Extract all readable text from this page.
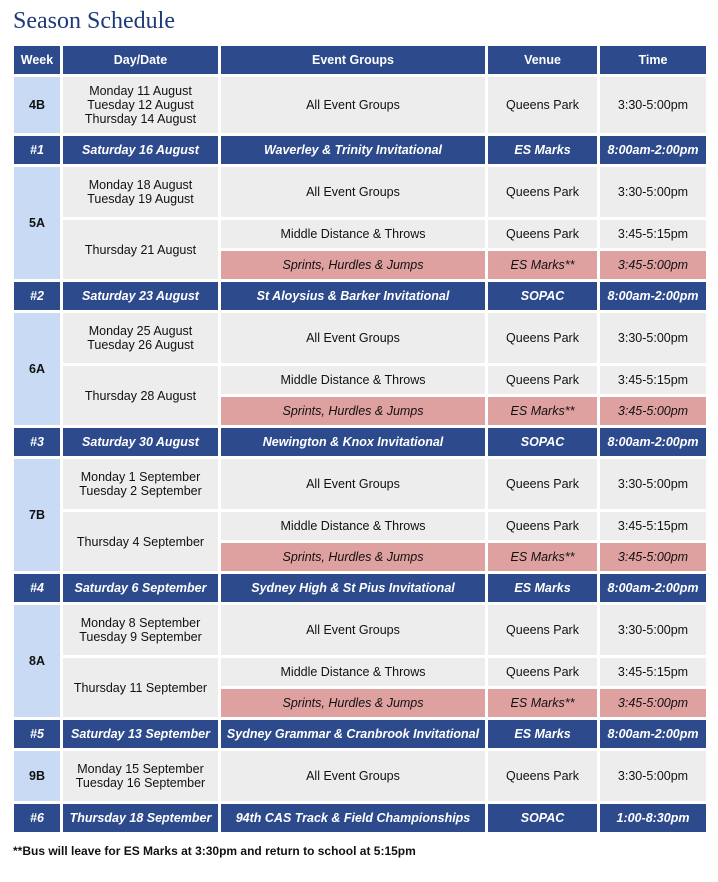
Season Schedule
Week	Day/Date	Event Groups	Venue	Time
4B	Monday 11 August
Tuesday 12 August
Thursday 14 August	All Event Groups	Queens Park	3:30-5:00pm
#1	Saturday 16 August	Waverley & Trinity Invitational	ES Marks	8:00am-2:00pm
5A	Monday 18 August
Tuesday 19 August	All Event Groups	Queens Park	3:30-5:00pm
	Thursday 21 August	Middle Distance & Throws	Queens Park	3:45-5:15pm
		Sprints, Hurdles & Jumps	ES Marks**	3:45-5:00pm
#2	Saturday 23 August	St Aloysius & Barker Invitational	SOPAC	8:00am-2:00pm
6A	Monday 25 August
Tuesday 26 August	All Event Groups	Queens Park	3:30-5:00pm
	Thursday 28 August	Middle Distance & Throws	Queens Park	3:45-5:15pm
		Sprints, Hurdles & Jumps	ES Marks**	3:45-5:00pm
#3	Saturday 30 August	Newington & Knox Invitational	SOPAC	8:00am-2:00pm
7B	Monday 1 September
Tuesday 2 September	All Event Groups	Queens Park	3:30-5:00pm
	Thursday 4 September	Middle Distance & Throws	Queens Park	3:45-5:15pm
		Sprints, Hurdles & Jumps	ES Marks**	3:45-5:00pm
#4	Saturday 6 September	Sydney High & St Pius Invitational	ES Marks	8:00am-2:00pm
8A	Monday 8 September
Tuesday 9 September	All Event Groups	Queens Park	3:30-5:00pm
	Thursday 11 September	Middle Distance & Throws	Queens Park	3:45-5:15pm
		Sprints, Hurdles & Jumps	ES Marks**	3:45-5:00pm
#5	Saturday 13 September	Sydney Grammar & Cranbrook Invitational	ES Marks	8:00am-2:00pm
9B	Monday 15 September
Tuesday 16 September	All Event Groups	Queens Park	3:30-5:00pm
#6	Thursday 18 September	94th CAS Track & Field Championships	SOPAC	1:00-8:30pm
**Bus will leave for ES Marks at 3:30pm and return to school at 5:15pm
